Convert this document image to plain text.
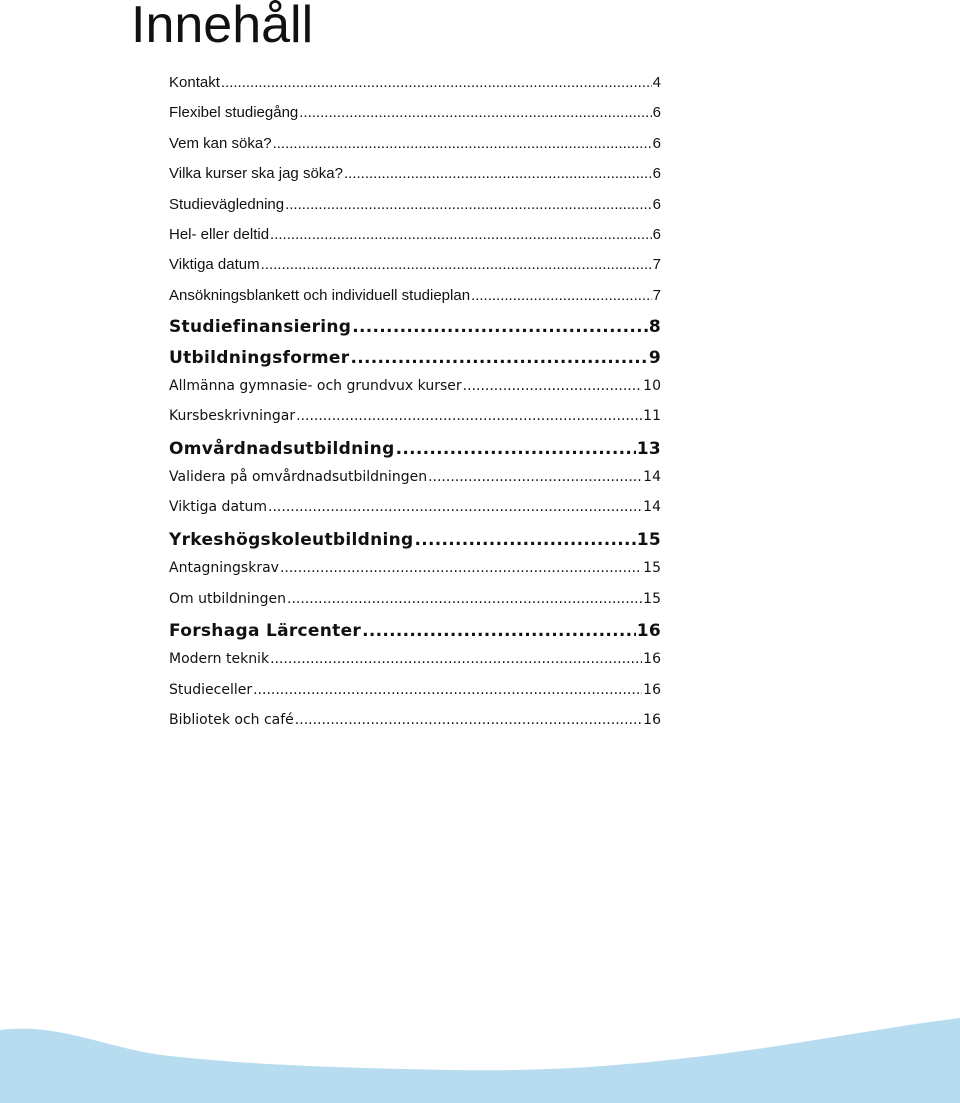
Innehåll
Kontakt .....	4
Flexibel studiegång .....	6
Vem kan söka? .....	6
Vilka kurser ska jag söka? .....	6
Studievägledning .....	6
Hel- eller deltid .....	6
Viktiga datum .....	7
Ansökningsblankett och individuell studieplan .....	7
Studiefinansiering .....	8
Utbildningsformer .....	9
Allmänna gymnasie- och grundvux kurser .....	10
Kursbeskrivningar .....	11
Omvårdnadsutbildning .....	13
Validera på omvårdnadsutbildningen .....	14
Viktiga datum .....	14
Yrkeshögskoleutbildning .....	15
Antagningskrav .....	15
Om utbildningen .....	15
Forshaga Lärcenter .....	16
Modern teknik .....	16
Studieceller .....	16
Bibliotek och café .....	16
